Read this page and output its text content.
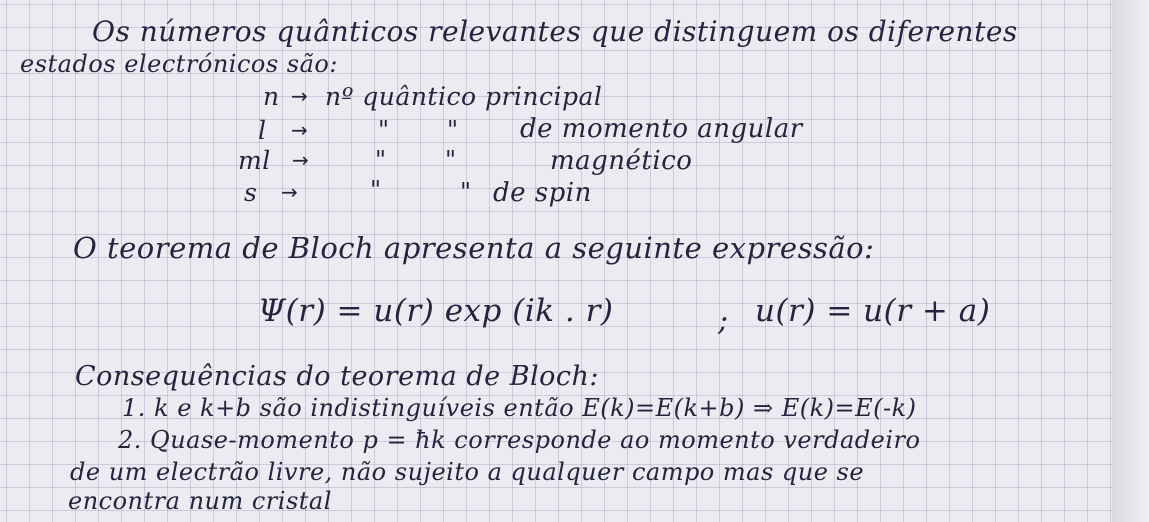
Os números quânticos relevantes que distinguem os diferentes
estados electrónicos são:
n → nº quântico principal
l →	" " de momento angular
ml →	" "	magnético
s →	"	" de spin
O teorema de Bloch apresenta a seguinte expressão:
Ψ(r) = u(r) exp (ik . r)	; u(r) = u(r + a)
Consequências do teorema de Bloch:
1. k e k+b são indistinguíveis então E(k)=E(k+b) ⇒ E(k)=E(-k)
2. Quase-momento p = ħk corresponde ao momento verdadeiro
de um electrão livre, não sujeito a qualquer campo mas que se
encontra num cristal
